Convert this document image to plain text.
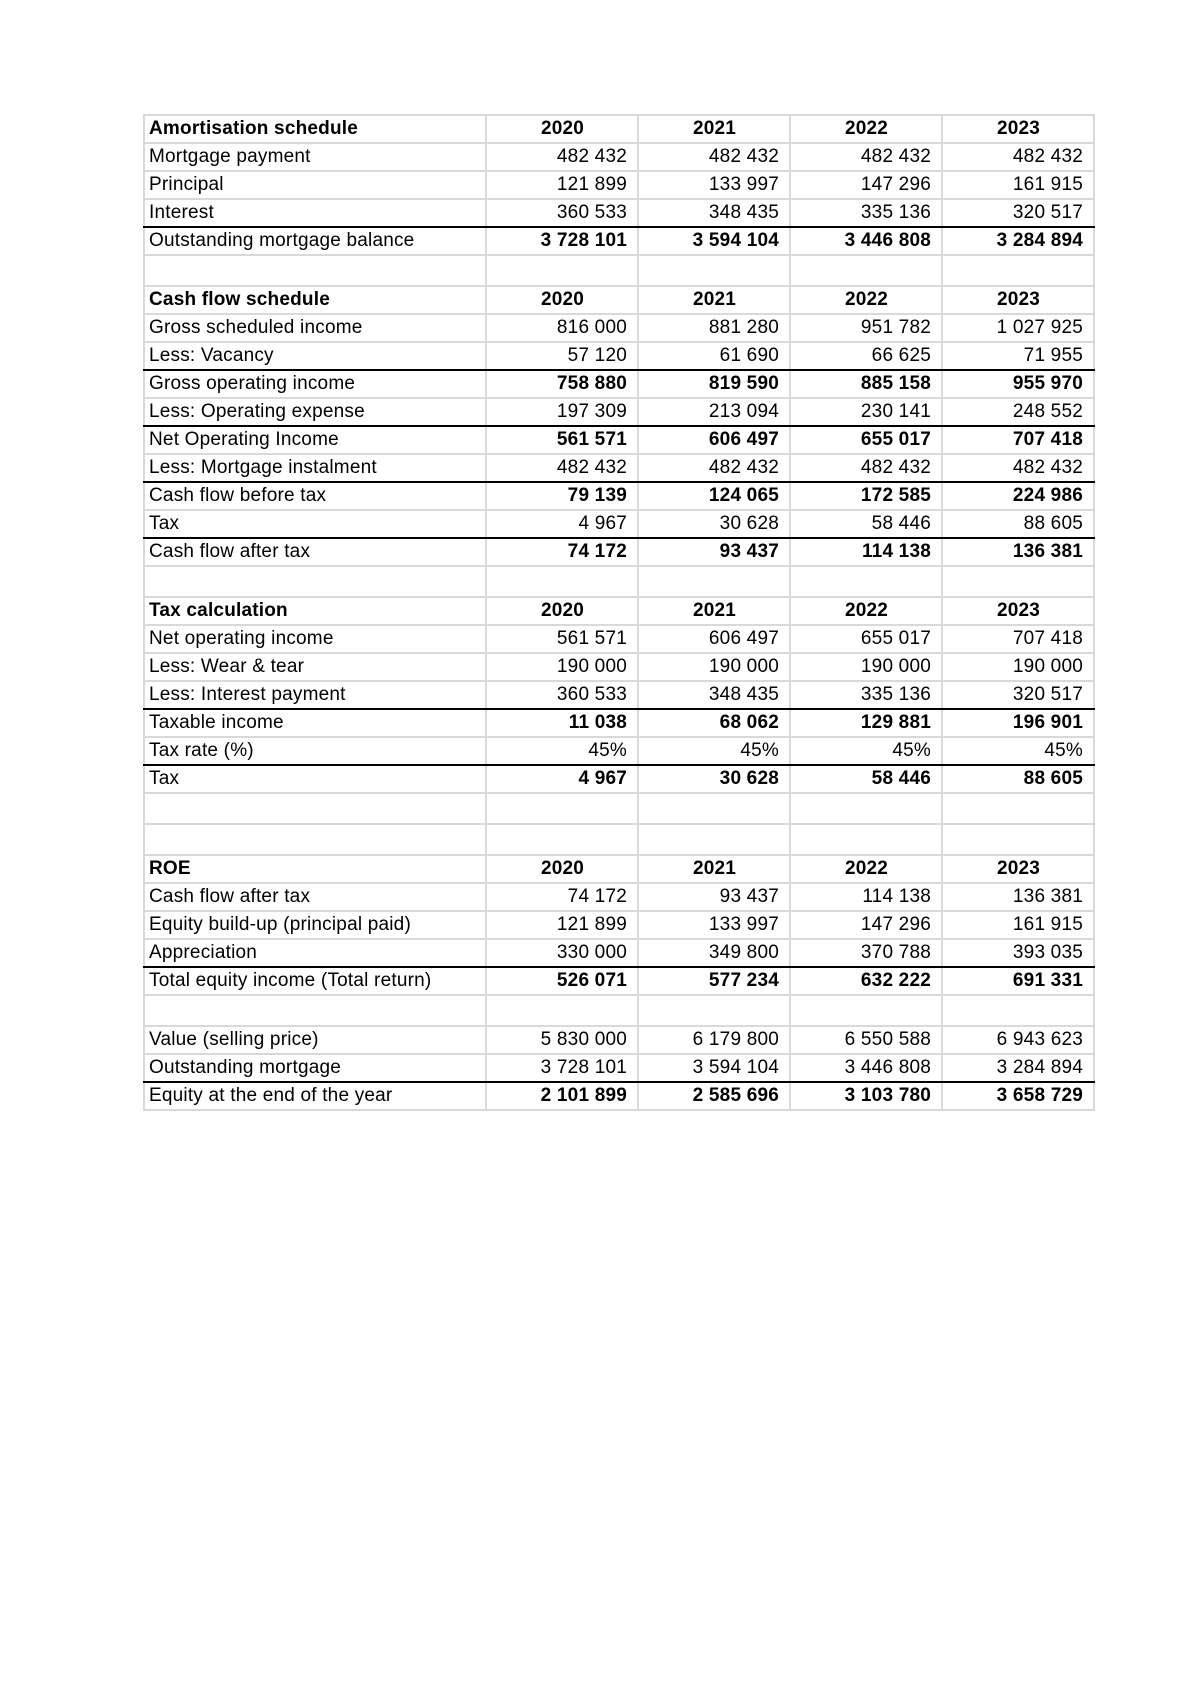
Amortisation schedule	2020	2021	2022	2023
Mortgage payment	482 432	482 432	482 432	482 432
Principal	121 899	133 997	147 296	161 915
Interest	360 533	348 435	335 136	320 517
Outstanding mortgage balance	3 728 101	3 594 104	3 446 808	3 284 894

Cash flow schedule	2020	2021	2022	2023
Gross scheduled income	816 000	881 280	951 782	1 027 925
Less: Vacancy	57 120	61 690	66 625	71 955
Gross operating income	758 880	819 590	885 158	955 970
Less: Operating expense	197 309	213 094	230 141	248 552
Net Operating Income	561 571	606 497	655 017	707 418
Less: Mortgage instalment	482 432	482 432	482 432	482 432
Cash flow before tax	79 139	124 065	172 585	224 986
Tax	4 967	30 628	58 446	88 605
Cash flow after tax	74 172	93 437	114 138	136 381

Tax calculation	2020	2021	2022	2023
Net operating income	561 571	606 497	655 017	707 418
Less: Wear & tear	190 000	190 000	190 000	190 000
Less: Interest payment	360 533	348 435	335 136	320 517
Taxable income	11 038	68 062	129 881	196 901
Tax rate (%)	45%	45%	45%	45%
Tax	4 967	30 628	58 446	88 605

ROE	2020	2021	2022	2023
Cash flow after tax	74 172	93 437	114 138	136 381
Equity build-up (principal paid)	121 899	133 997	147 296	161 915
Appreciation	330 000	349 800	370 788	393 035
Total equity income (Total return)	526 071	577 234	632 222	691 331

Value (selling price)	5 830 000	6 179 800	6 550 588	6 943 623
Outstanding mortgage	3 728 101	3 594 104	3 446 808	3 284 894
Equity at the end of the year	2 101 899	2 585 696	3 103 780	3 658 729
